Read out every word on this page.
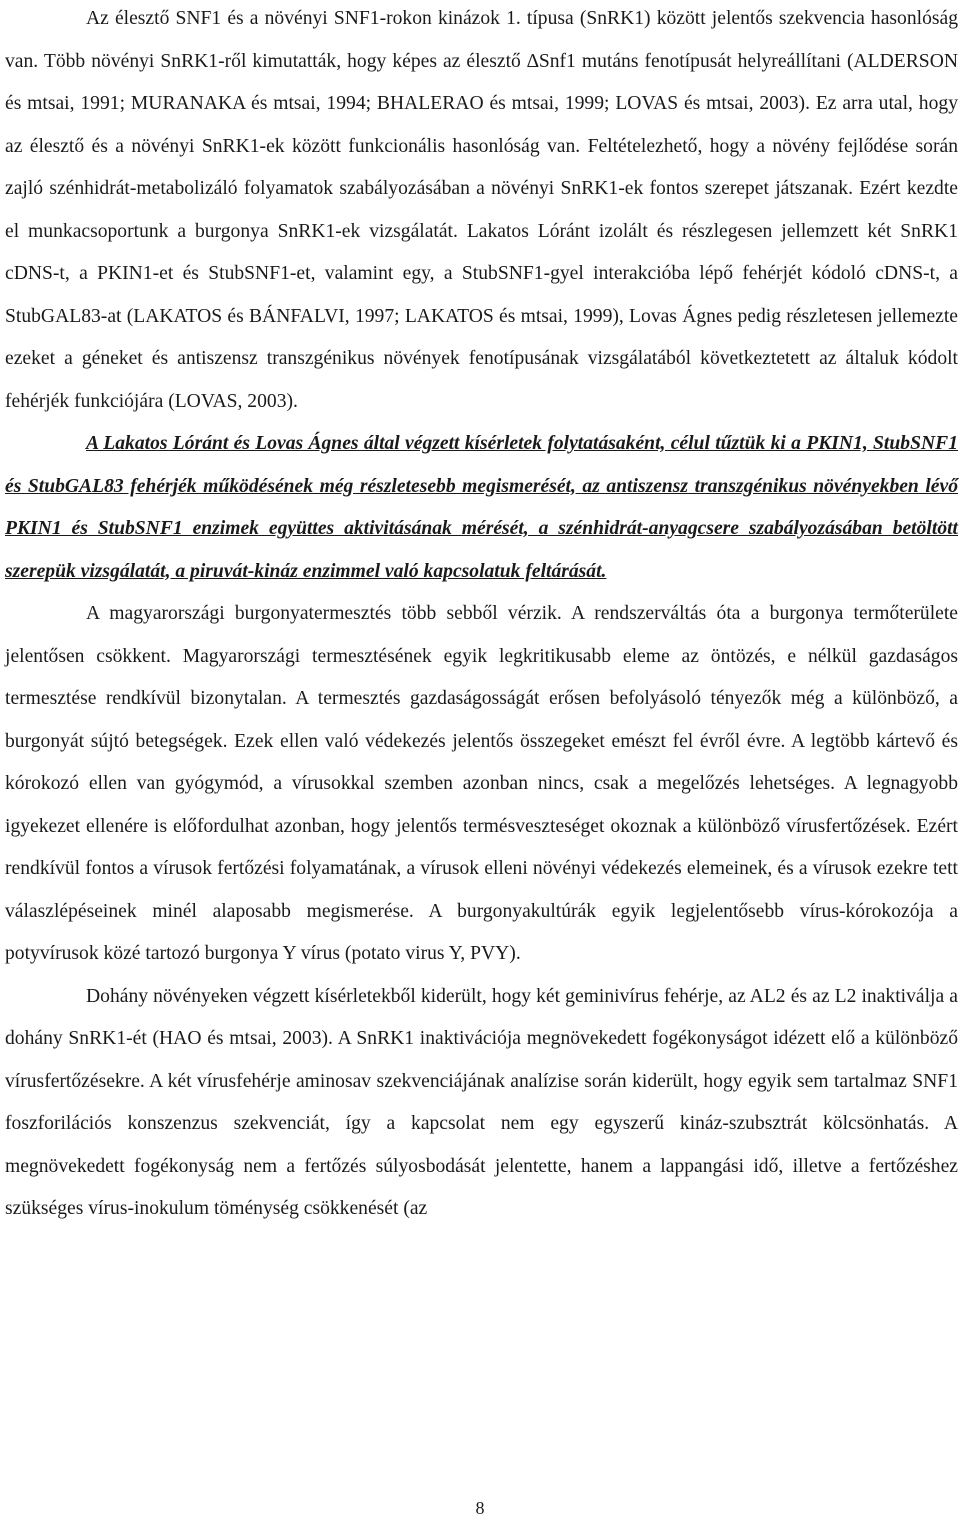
Az élesztő SNF1 és a növényi SNF1-rokon kinázok 1. típusa (SnRK1) között jelentős szekvencia hasonlóság van. Több növényi SnRK1-ről kimutatták, hogy képes az élesztő ∆Snf1 mutáns fenotípusát helyreállítani (ALDERSON és mtsai, 1991; MURANAKA és mtsai, 1994; BHALERAO és mtsai, 1999; LOVAS és mtsai, 2003). Ez arra utal, hogy az élesztő és a növényi SnRK1-ek között funkcionális hasonlóság van. Feltételezhető, hogy a növény fejlődése során zajló szénhidrát-metabolizáló folyamatok szabályozásában a növényi SnRK1-ek fontos szerepet játszanak. Ezért kezdte el munkacsoportunk a burgonya SnRK1-ek vizsgálatát. Lakatos Lóránt izolált és részlegesen jellemzett két SnRK1 cDNS-t, a PKIN1-et és StubSNF1-et, valamint egy, a StubSNF1-gyel interakcióba lépő fehérjét kódoló cDNS-t, a StubGAL83-at (LAKATOS és BÁNFALVI, 1997; LAKATOS és mtsai, 1999), Lovas Ágnes pedig részletesen jellemezte ezeket a géneket és antiszensz transzgénikus növények fenotípusának vizsgálatából következtetett az általuk kódolt fehérjék funkciójára (LOVAS, 2003).

A Lakatos Lóránt és Lovas Ágnes által végzett kísérletek folytatásaként, célul tűztük ki a PKIN1, StubSNF1 és StubGAL83 fehérjék működésének még részletesebb megismerését, az antiszensz transzgénikus növényekben lévő PKIN1 és StubSNF1 enzimek együttes aktivitásának mérését, a szénhidrát-anyagcsere szabályozásában betöltött szerepük vizsgálatát, a piruvát-kináz enzimmel való kapcsolatuk feltárását.

A magyarországi burgonyatermesztés több sebből vérzik. A rendszerváltás óta a burgonya termőterülete jelentősen csökkent. Magyarországi termesztésének egyik legkritikusabb eleme az öntözés, e nélkül gazdaságos termesztése rendkívül bizonytalan. A termesztés gazdaságosságát erősen befolyásoló tényezők még a különböző, a burgonyát sújtó betegségek. Ezek ellen való védekezés jelentős összegeket emészt fel évről évre. A legtöbb kártevő és kórokozó ellen van gyógymód, a vírusokkal szemben azonban nincs, csak a megelőzés lehetséges. A legnagyobb igyekezet ellenére is előfordulhat azonban, hogy jelentős termésveszteséget okoznak a különböző vírusfertőzések. Ezért rendkívül fontos a vírusok fertőzési folyamatának, a vírusok elleni növényi védekezés elemeinek, és a vírusok ezekre tett válaszlépéseinek minél alaposabb megismerése. A burgonyakultúrák egyik legjelentősebb vírus-kórokozója a potyvírusok közé tartozó burgonya Y vírus (potato virus Y, PVY).

Dohány növényeken végzett kísérletekből kiderült, hogy két geminivírus fehérje, az AL2 és az L2 inaktiválja a dohány SnRK1-ét (HAO és mtsai, 2003). A SnRK1 inaktivációja megnövekedett fogékonyságot idézett elő a különböző vírusfertőzésekre. A két vírusfehérje aminosav szekvenciájának analízise során kiderült, hogy egyik sem tartalmaz SNF1 foszforilációs konszenzus szekvenciát, így a kapcsolat nem egy egyszerű kináz-szubsztrát kölcsönhatás. A megnövekedett fogékonyság nem a fertőzés súlyosbodását jelentette, hanem a lappangási idő, illetve a fertőzéshez szükséges vírus-inokulum töménység csökkenését (az

8
